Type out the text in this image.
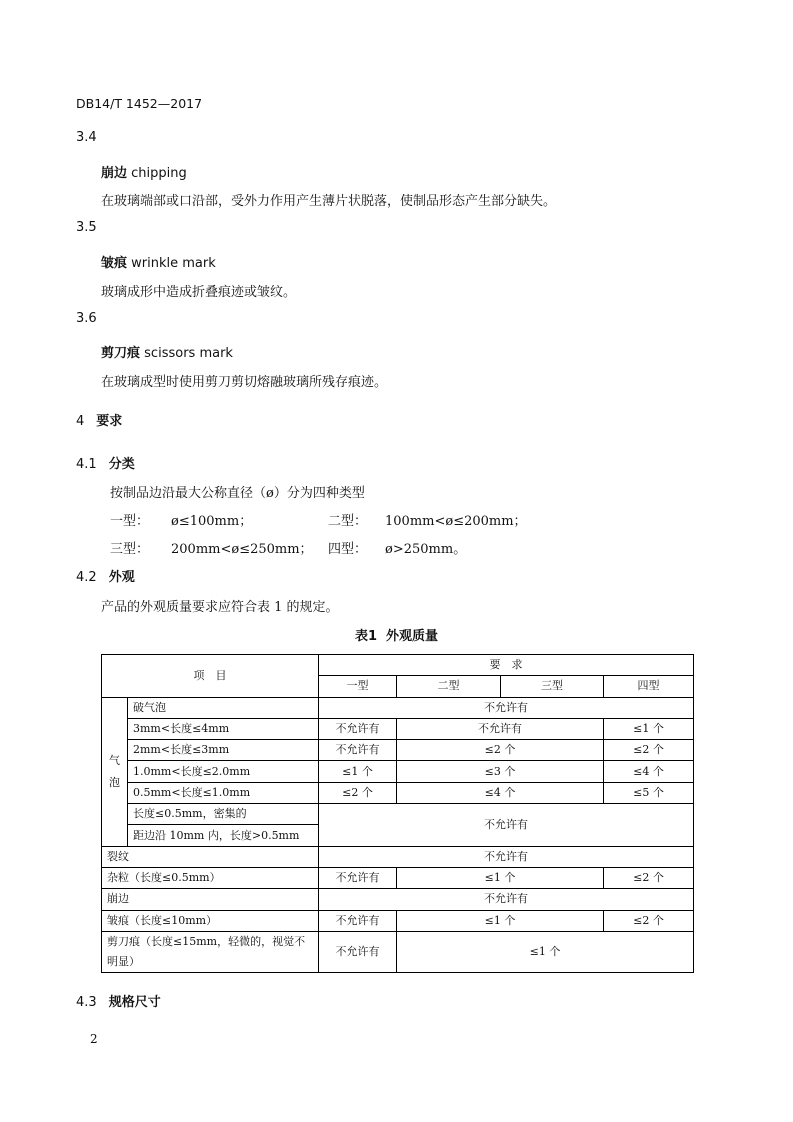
DB14/T 1452—2017
3.4
崩边 chipping
在玻璃端部或口沿部，受外力作用产生薄片状脱落，使制品形态产生部分缺失。
3.5
皱痕 wrinkle mark
玻璃成形中造成折叠痕迹或皱纹。
3.6
剪刀痕 scissors mark
在玻璃成型时使用剪刀剪切熔融玻璃所残存痕迹。
4 要求
4.1 分类
按制品边沿最大公称直径（ø）分为四种类型
一型： ø≤100mm；	二型： 100mm<ø≤200mm；
三型： 200mm<ø≤250mm； 四型： ø>250mm。
4.2 外观
产品的外观质量要求应符合表 1 的规定。
表1 外观质量
项　目		要　求			
		一型	二型	三型	四型
气泡	破气泡	不允许有			
	3mm<长度≤4mm	不允许有	不允许有		≤1 个
	2mm<长度≤3mm	不允许有	≤2 个		≤2 个
	1.0mm<长度≤2.0mm	≤1 个	≤3 个		≤4 个
	0.5mm<长度≤1.0mm	≤2 个	≤4 个		≤5 个
	长度≤0.5mm，密集的	不允许有			
	距边沿 10mm 内，长度>0.5mm				
裂纹		不允许有			
杂粒（长度≤0.5mm）		不允许有	≤1 个		≤2 个
崩边		不允许有			
皱痕（长度≤10mm）		不允许有	≤1 个		≤2 个

剪刀痕（长度≤15mm，轻微的，视觉不
明显）		不允许有	≤1 个		
4.3 规格尺寸
2
